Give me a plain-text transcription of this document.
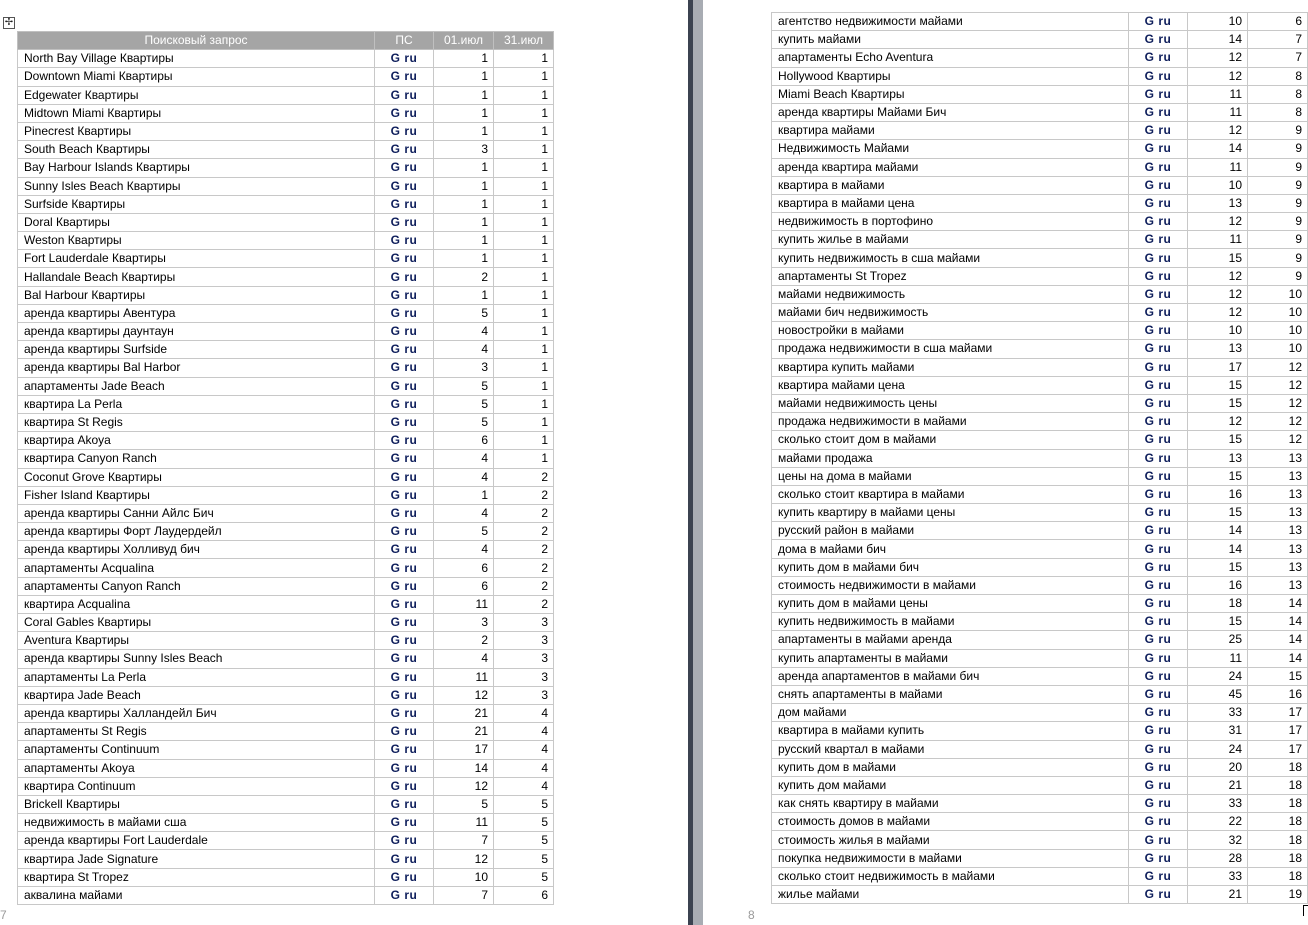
✢
Поисковый запрос	ПС	01.июл	31.июл
North Bay Village Квартиры	G ru	1	1
Downtown Miami Квартиры	G ru	1	1
Edgewater Квартиры	G ru	1	1
Midtown Miami Квартиры	G ru	1	1
Pinecrest Квартиры	G ru	1	1
South Beach Квартиры	G ru	3	1
Bay Harbour Islands Квартиры	G ru	1	1
Sunny Isles Beach Квартиры	G ru	1	1
Surfside Квартиры	G ru	1	1
Doral Квартиры	G ru	1	1
Weston Квартиры	G ru	1	1
Fort Lauderdale Квартиры	G ru	1	1
Hallandale Beach Квартиры	G ru	2	1
Bal Harbour Квартиры	G ru	1	1
аренда квартиры Авентура	G ru	5	1
аренда квартиры даунтаун	G ru	4	1
аренда квартиры Surfside	G ru	4	1
аренда квартиры Bal Harbor	G ru	3	1
апартаменты Jade Beach	G ru	5	1
квартира La Perla	G ru	5	1
квартира St Regis	G ru	5	1
квартира Akoya	G ru	6	1
квартира Canyon Ranch	G ru	4	1
Coconut Grove Квартиры	G ru	4	2
Fisher Island Квартиры	G ru	1	2
аренда квартиры Санни Айлс Бич	G ru	4	2
аренда квартиры Форт Лаудердейл	G ru	5	2
аренда квартиры Холливуд бич	G ru	4	2
апартаменты Acqualina	G ru	6	2
апартаменты Canyon Ranch	G ru	6	2
квартира Acqualina	G ru	11	2
Coral Gables Квартиры	G ru	3	3
Aventura Квартиры	G ru	2	3
аренда квартиры Sunny Isles Beach	G ru	4	3
апартаменты La Perla	G ru	11	3
квартира Jade Beach	G ru	12	3
аренда квартиры Халландейл Бич	G ru	21	4
апартаменты St Regis	G ru	21	4
апартаменты Continuum	G ru	17	4
апартаменты Akoya	G ru	14	4
квартира Continuum	G ru	12	4
Brickell Квартиры	G ru	5	5
недвижимость в майами сша	G ru	11	5
аренда квартиры Fort Lauderdale	G ru	7	5
квартира Jade Signature	G ru	12	5
квартира St Tropez	G ru	10	5
аквалина майами	G ru	7	6
7
агентство недвижимости майами	G ru	10	6
купить майами	G ru	14	7
апартаменты Echo Aventura	G ru	12	7
Hollywood Квартиры	G ru	12	8
Miami Beach Квартиры	G ru	11	8
аренда квартиры Майами Бич	G ru	11	8
квартира майами	G ru	12	9
Недвижимость Майами	G ru	14	9
аренда квартира майами	G ru	11	9
квартира в майами	G ru	10	9
квартира в майами цена	G ru	13	9
недвижимость в портофино	G ru	12	9
купить жилье в майами	G ru	11	9
купить недвижимость в сша майами	G ru	15	9
апартаменты St Tropez	G ru	12	9
майами недвижимость	G ru	12	10
майами бич недвижимость	G ru	12	10
новостройки в майами	G ru	10	10
продажа недвижимости в сша майами	G ru	13	10
квартира купить майами	G ru	17	12
квартира майами цена	G ru	15	12
майами недвижимость цены	G ru	15	12
продажа недвижимости в майами	G ru	12	12
сколько стоит дом в майами	G ru	15	12
майами продажа	G ru	13	13
цены на дома в майами	G ru	15	13
сколько стоит квартира в майами	G ru	16	13
купить квартиру в майами цены	G ru	15	13
русский район в майами	G ru	14	13
дома в майами бич	G ru	14	13
купить дом в майами бич	G ru	15	13
стоимость недвижимости в майами	G ru	16	13
купить дом в майами цены	G ru	18	14
купить недвижимость в майами	G ru	15	14
апартаменты в майами аренда	G ru	25	14
купить апартаменты в майами	G ru	11	14
аренда апартаментов в майами бич	G ru	24	15
снять апартаменты в майами	G ru	45	16
дом майами	G ru	33	17
квартира в майами купить	G ru	31	17
русский квартал в майами	G ru	24	17
купить дом в майами	G ru	20	18
купить дом майами	G ru	21	18
как снять квартиру в майами	G ru	33	18
стоимость домов в майами	G ru	22	18
стоимость жилья в майами	G ru	32	18
покупка недвижимости в майами	G ru	28	18
сколько стоит недвижимость в майами	G ru	33	18
жилье майами	G ru	21	19
8
